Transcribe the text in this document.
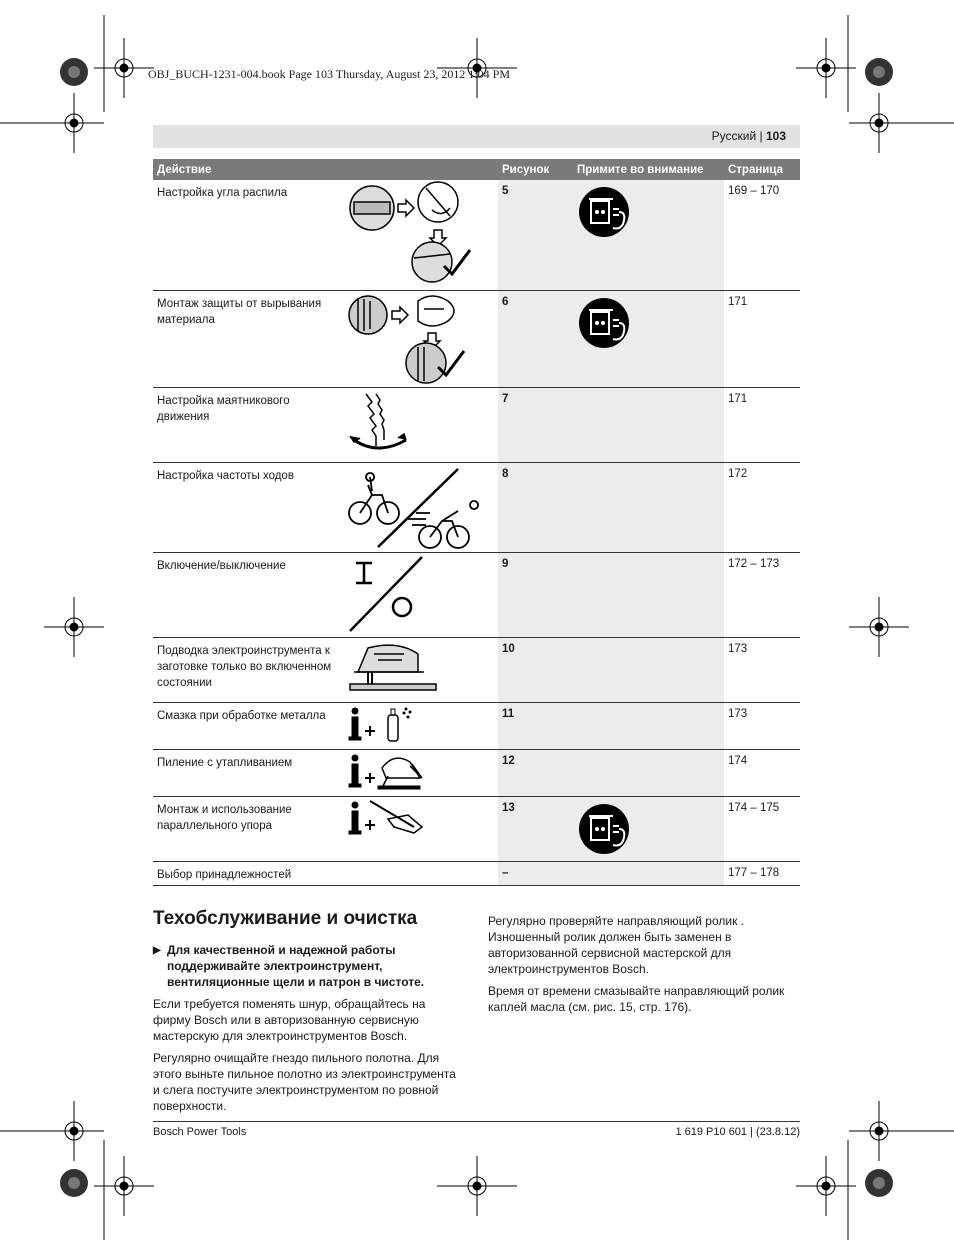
OBJ_BUCH-1231-004.book Page 103 Thursday, August 23, 2012 1:04 PM
Русский | 103
Действие		Рисунок	Примите во внимание	Страница
Настройка угла распила		5		169 – 170
Монтаж защиты от вырывания материала		6		171
Настройка маятникового движения		7		171
Настройка частоты ходов		8		172
Включение/выключение		9		172 – 173
Подводка электроинструмента к заготовке только во включенном состоянии		10		173
Смазка при обработке металла		11		173
Пиление с утапливанием		12		174
Монтаж и использование параллельного упора		13		174 – 175
Выбор принадлежностей		–		177 – 178
Техобслуживание и очистка

▶ Для качественной и надежной работы поддерживайте электроинструмент, вентиляционные щели и патрон в чистоте.

Если требуется поменять шнур, обращайтесь на фирму Bosch или в авторизованную сервисную мастерскую для электроинструментов Bosch.

Регулярно очищайте гнездо пильного полотна. Для этого выньте пильное полотно из электроинструмента и слега постучите электроинструментом по ровной поверхности.

Регулярно проверяйте направляющий ролик . Изношенный ролик должен быть заменен в авторизованной сервисной мастерской для электроинструментов Bosch.

Время от времени смазывайте направляющий ролик каплей масла (см. рис. 15, стр. 176).

Bosch Power Tools	1 619 P10 601 | (23.8.12)
